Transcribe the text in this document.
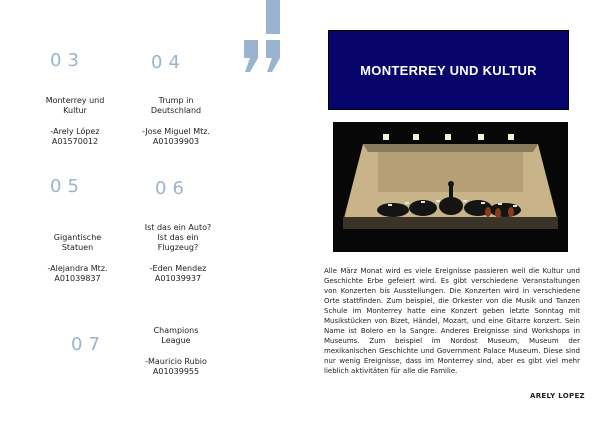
03	04
05	06
07
Monterrey und
Kultur
-Arely López
A01570012
Trump in
Deutschland
-Jose Miguel Mtz.
A01039903
Gigantische
Statuen
-Alejandra Mtz.
A01039837
Ist das ein Auto?
Ist das ein
Flugzeug?
-Eden Mendez
A01039937
Champions
League
-Mauricio Rubio
A01039955
MONTERREY UND KULTUR
Alle März Monat wird es viele Ereignisse passieren weil die Kultur und Geschichte Erbe gefeiert wird. Es gibt verschiedene Veranstaltungen von Konzerten bis Ausstellungen. Die Konzerten wird in verschiedene Orte stattfinden. Zum beispiel, die Orkester von die Musik und Tanzen Schule im Monterrey hatte eine Konzert geben letzte Sonntag mit Musikstücken von Bizet, Händel, Mozart, und eine Gitarre konzert. Sein Name ist Bolero en la Sangre. Anderes Ereignisse sind Workshops in Museums. Zum beispiel im Nordost Museum, Museum der mexikanischen Geschichte und Government Palace Museum. Diese sind nur wenig Ereignisse, dass im Monterrey sind, aber es gibt viel mehr lieblich aktivitäten für alle die Familie.
ARELY LOPEZ
